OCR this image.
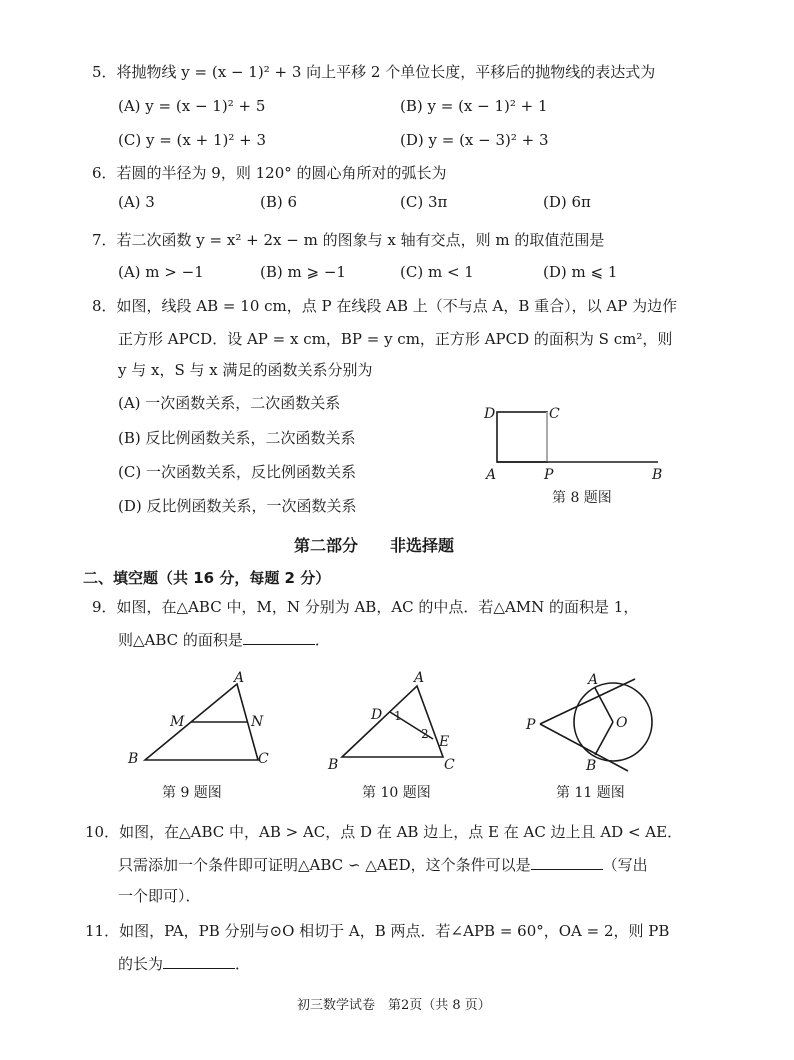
5．将抛物线 y = (x − 1)² + 3 向上平移 2 个单位长度，平移后的抛物线的表达式为
(A) y = (x − 1)² + 5	(B) y = (x − 1)² + 1
(C) y = (x + 1)² + 3	(D) y = (x − 3)² + 3
6．若圆的半径为 9，则 120° 的圆心角所对的弧长为
(A) 3	(B) 6	(C) 3π	(D) 6π
7．若二次函数 y = x² + 2x − m 的图象与 x 轴有交点，则 m 的取值范围是
(A) m > −1	(B) m ⩾ −1	(C) m < 1	(D) m ⩽ 1
8．如图，线段 AB = 10 cm，点 P 在线段 AB 上（不与点 A，B 重合），以 AP 为边作
正方形 APCD．设 AP = x cm，BP = y cm，正方形 APCD 的面积为 S cm²，则
y 与 x，S 与 x 满足的函数关系分别为
(A) 一次函数关系，二次函数关系
(B) 反比例函数关系，二次函数关系
(C) 一次函数关系，反比例函数关系
(D) 反比例函数关系，一次函数关系
D	C
A	P	B
第 8 题图
第二部分　　非选择题
二、填空题（共 16 分，每题 2 分）
9．如图，在△ABC 中，M，N 分别为 AB，AC 的中点．若△AMN 的面积是 1，
则△ABC 的面积是	．
A
M	N
B	C
第 9 题图
A
D
E
B	C
1
2
第 10 题图
A
P	O
B
第 11 题图
10．如图，在△ABC 中，AB > AC，点 D 在 AB 边上，点 E 在 AC 边上且 AD < AE．
只需添加一个条件即可证明△ABC ∽ △AED，这个条件可以是	（写出
一个即可）．
11．如图，PA，PB 分别与⊙O 相切于 A，B 两点．若∠APB = 60°，OA = 2，则 PB
的长为	．
初三数学试卷　第2页（共 8 页）
